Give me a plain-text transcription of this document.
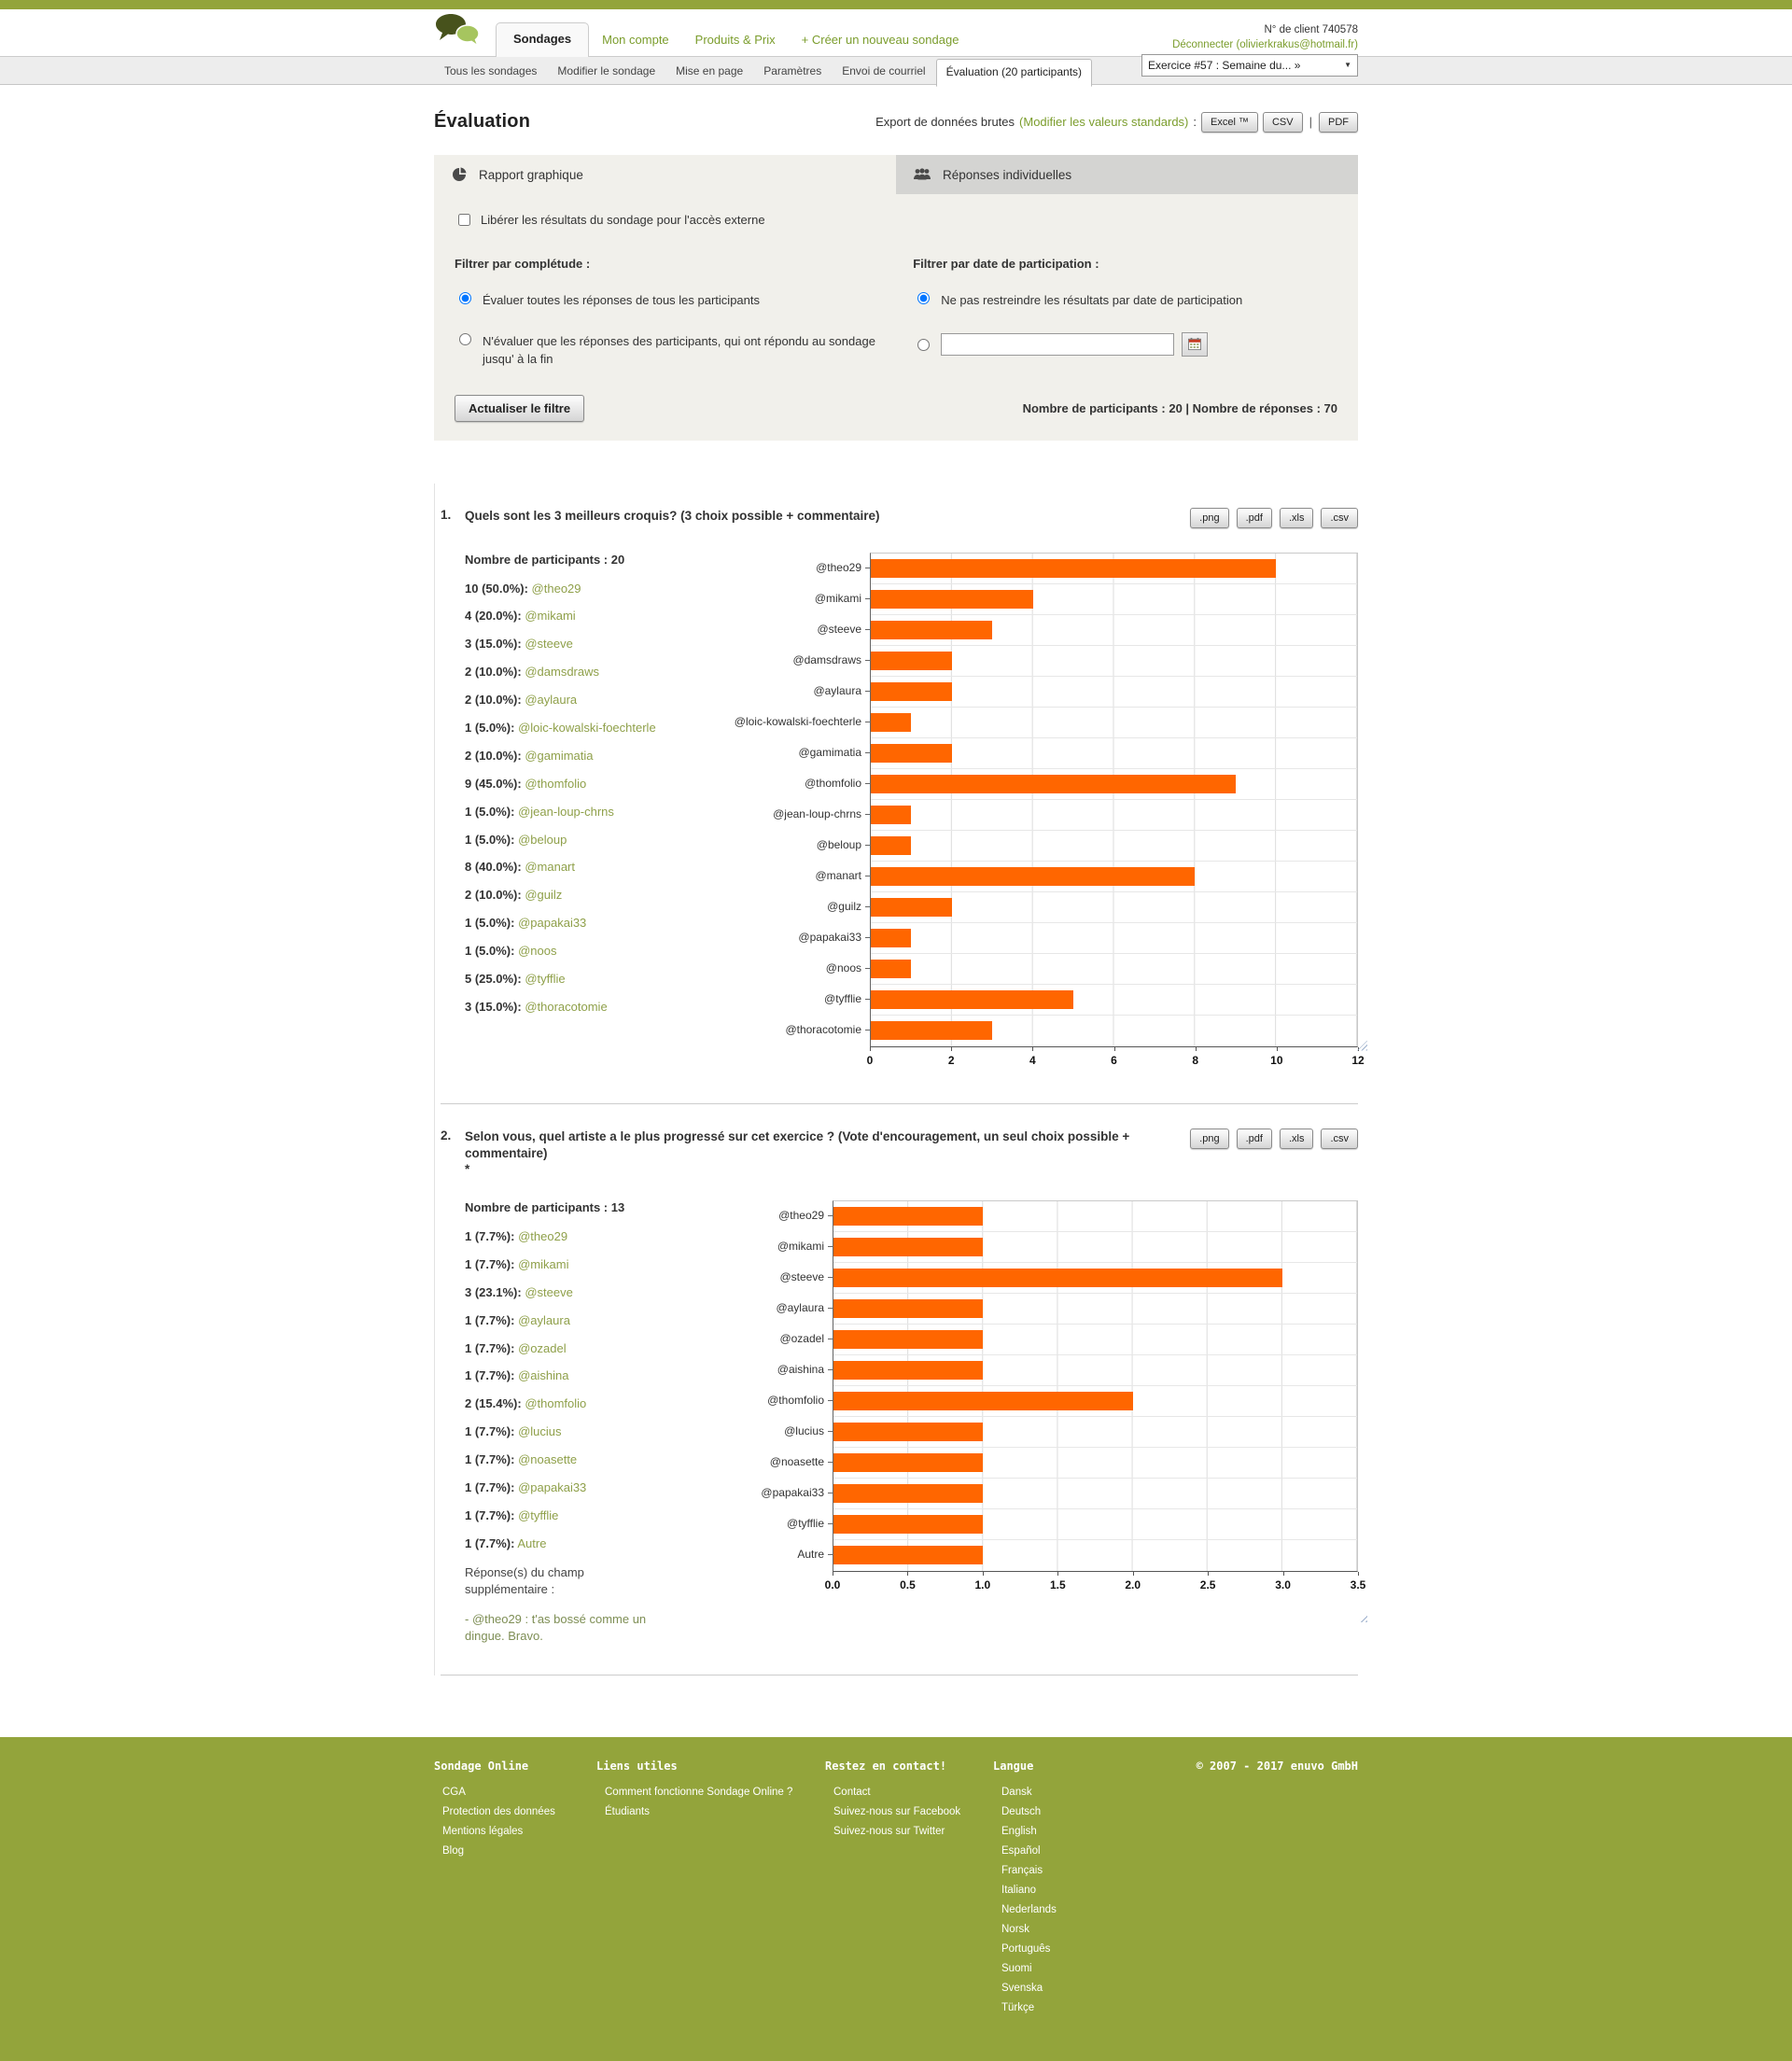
Sondages	Mon compte	Produits & Prix	+ Créer un nouveau sondage
N° de client 740578
Déconnecter (olivierkrakus@hotmail.fr)
Tous les sondages	Modifier le sondage	Mise en page	Paramètres	Envoi de courriel	Évaluation (20 participants)	Exercice #57 : Semaine du... »	▼
Évaluation	Export de données brutes (Modifier les valeurs standards) :	Excel ™	CSV	|	PDF
Rapport graphique	Réponses individuelles
Libérer les résultats du sondage pour l'accès externe
Filtrer par complétude :
Évaluer toutes les réponses de tous les participants
N'évaluer que les réponses des participants, qui ont répondu au sondage jusqu' à la fin
Filtrer par date de participation :
Ne pas restreindre les résultats par date de participation
Actualiser le filtre	Nombre de participants : 20 | Nombre de réponses : 70
1.	Quels sont les 3 meilleurs croquis? (3 choix possible + commentaire)	.png	.pdf	.xls	.csv
Nombre de participants : 20
10 (50.0%): @theo29
4 (20.0%): @mikami
3 (15.0%): @steeve
2 (10.0%): @damsdraws
2 (10.0%): @aylaura
1 (5.0%): @loic-kowalski-foechterle
2 (10.0%): @gamimatia
9 (45.0%): @thomfolio
1 (5.0%): @jean-loup-chrns
1 (5.0%): @beloup
8 (40.0%): @manart
2 (10.0%): @guilz
1 (5.0%): @papakai33
1 (5.0%): @noos
5 (25.0%): @tyfflie
3 (15.0%): @thoracotomie
@theo29
@mikami
@steeve
@damsdraws
@aylaura
@loic-kowalski-foechterle
@gamimatia
@thomfolio
@jean-loup-chrns
@beloup
@manart
@guilz
@papakai33
@noos
@tyfflie
@thoracotomie
0	2	4	6	8	10	12
2.	Selon vous, quel artiste a le plus progressé sur cet exercice ? (Vote d'encouragement, un seul choix possible + commentaire)
*
.png	.pdf	.xls	.csv
Nombre de participants : 13
1 (7.7%): @theo29
1 (7.7%): @mikami
3 (23.1%): @steeve
1 (7.7%): @aylaura
1 (7.7%): @ozadel
1 (7.7%): @aishina
2 (15.4%): @thomfolio
1 (7.7%): @lucius
1 (7.7%): @noasette
1 (7.7%): @papakai33
1 (7.7%): @tyfflie
1 (7.7%): Autre
Réponse(s) du champ supplémentaire :
- @theo29 : t'as bossé comme un dingue. Bravo.
@theo29
@mikami
@steeve
@aylaura
@ozadel
@aishina
@thomfolio
@lucius
@noasette
@papakai33
@tyfflie
Autre
0.0	0.5	1.0	1.5	2.0	2.5	3.0	3.5
Sondage Online
CGA
Protection des données
Mentions légales
Blog
Liens utiles
Comment fonctionne Sondage Online ?
Étudiants
Restez en contact!
Contact
Suivez-nous sur Facebook
Suivez-nous sur Twitter
Langue
Dansk
Deutsch
English
Español
Français
Italiano
Nederlands
Norsk
Português
Suomi
Svenska
Türkçe
© 2007 - 2017 enuvo GmbH
